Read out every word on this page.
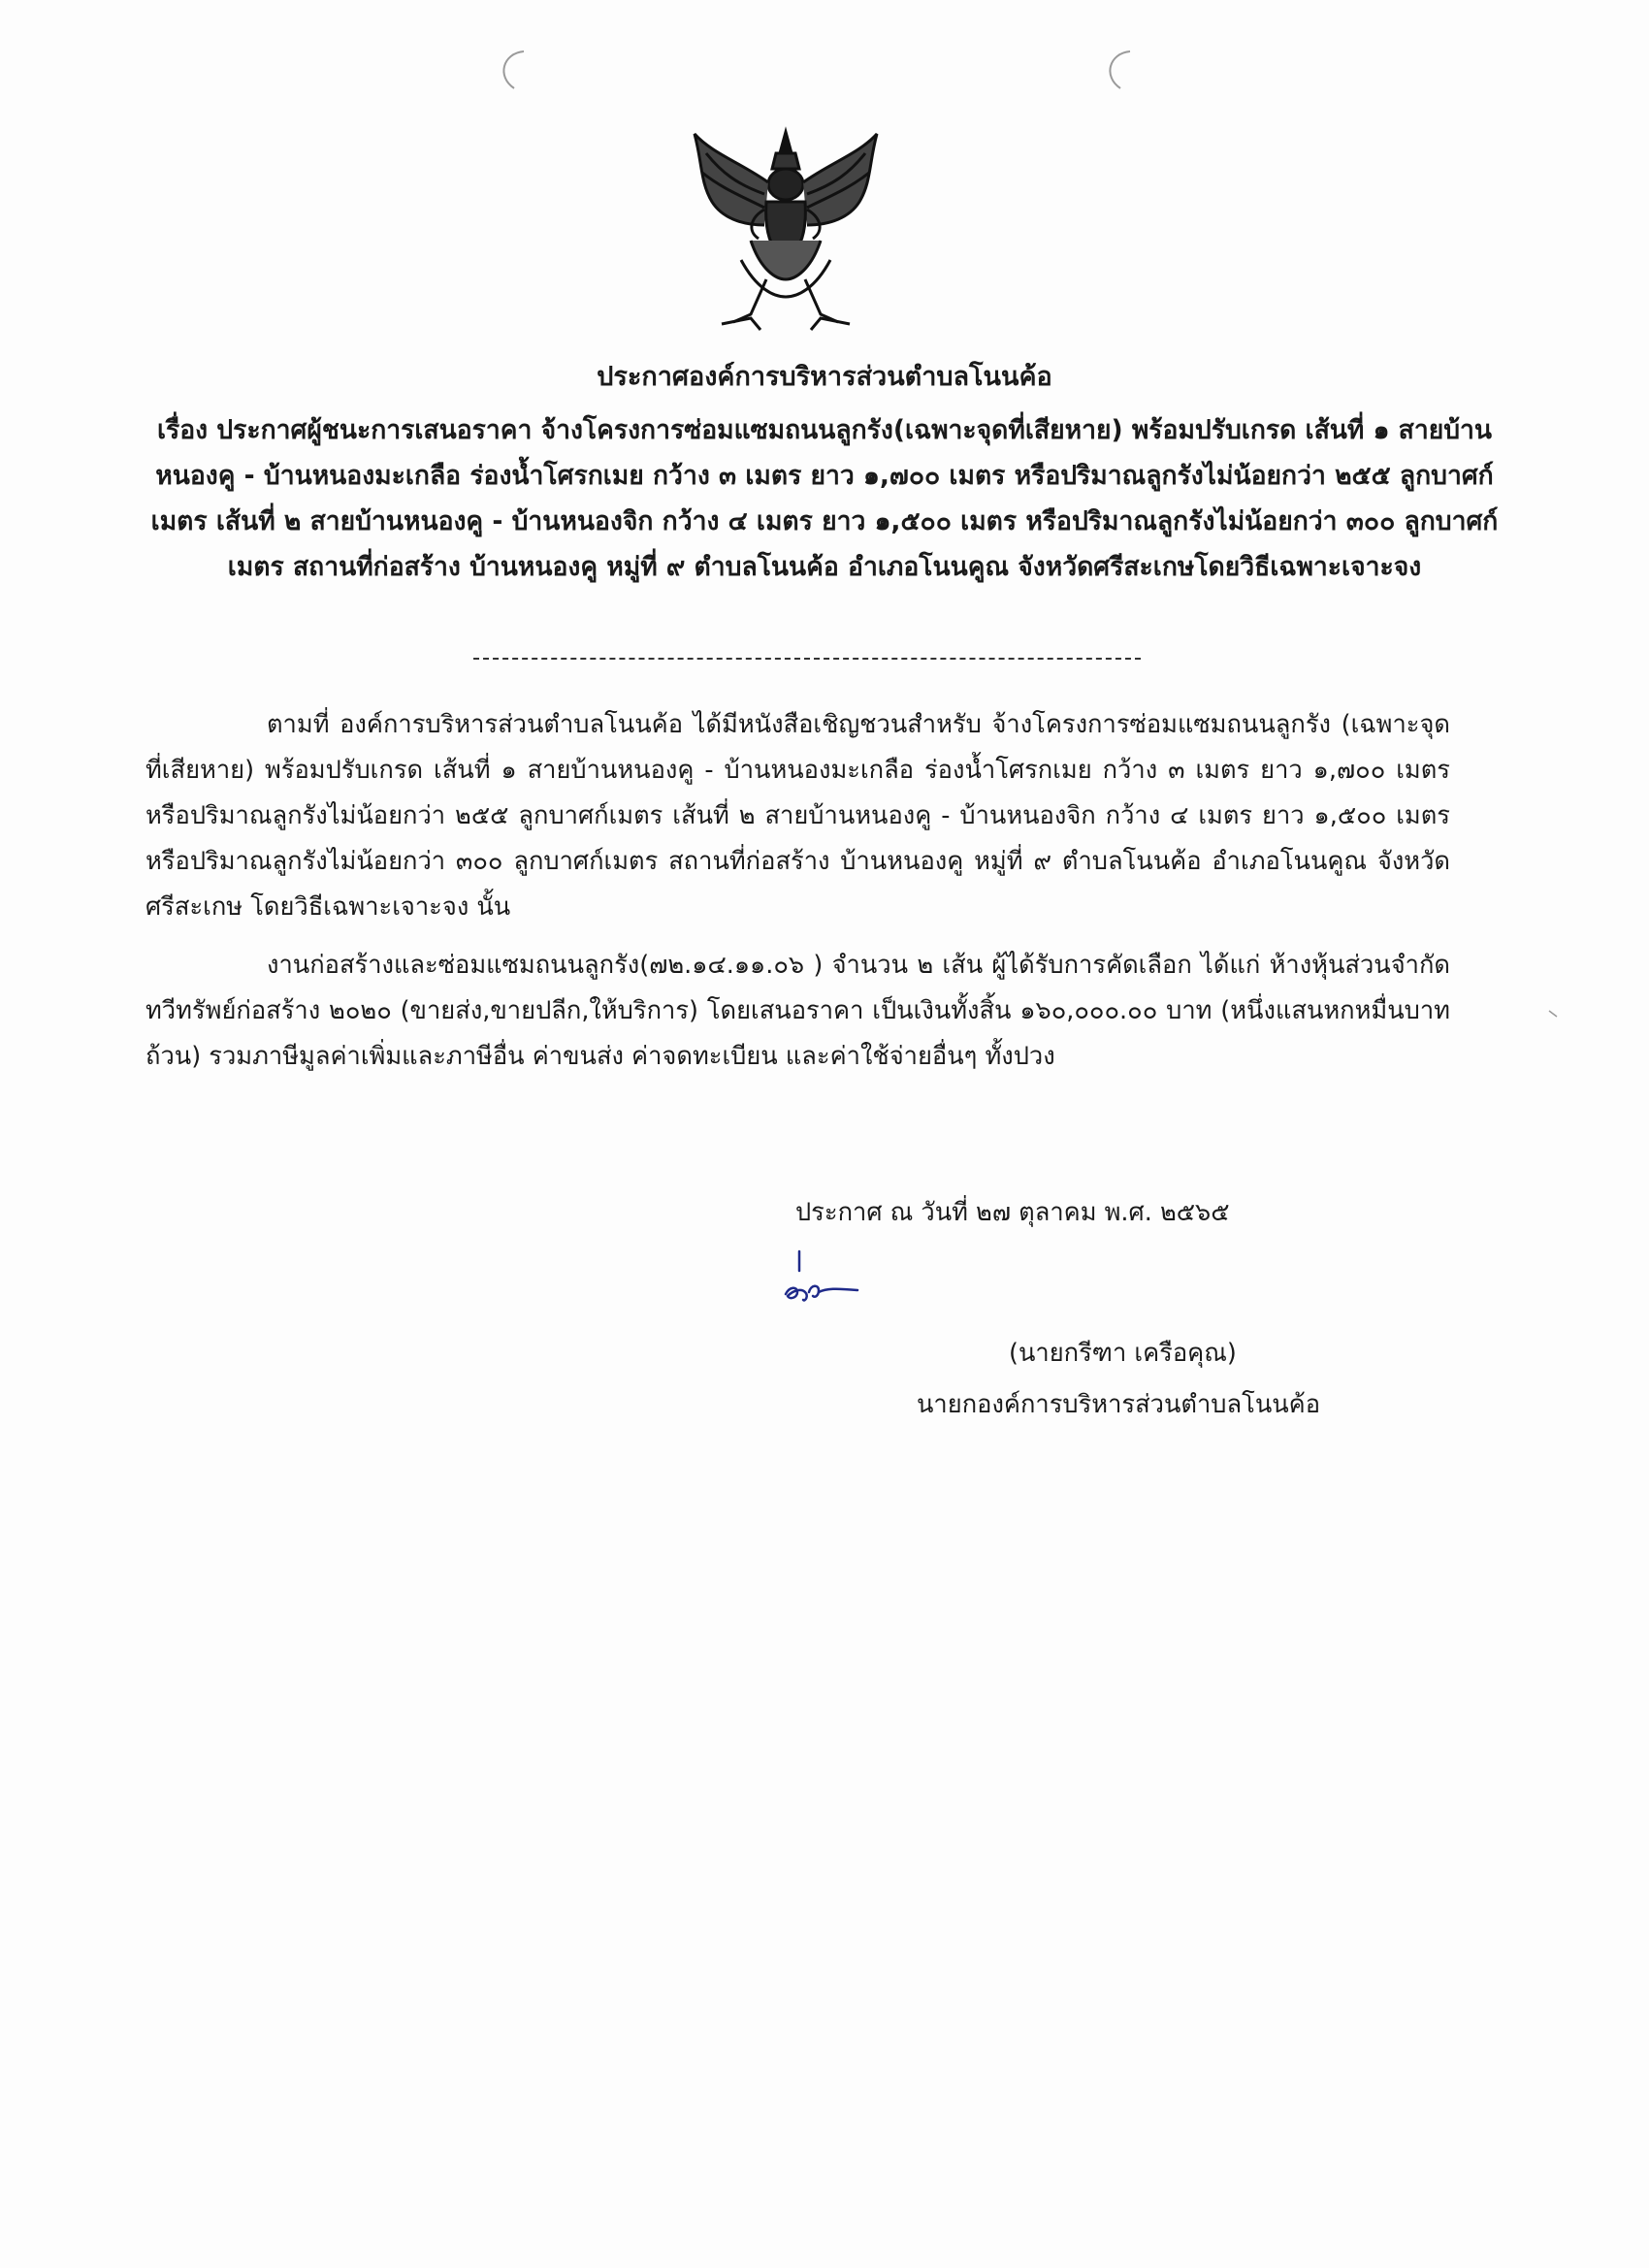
ประกาศองค์การบริหารส่วนตำบลโนนค้อ
เรื่อง ประกาศผู้ชนะการเสนอราคา จ้างโครงการซ่อมแซมถนนลูกรัง(เฉพาะจุดที่เสียหาย) พร้อมปรับเกรด เส้นที่ ๑ สายบ้านหนองคู - บ้านหนองมะเกลือ ร่องน้ำโศรกเมย กว้าง ๓ เมตร ยาว ๑,๗๐๐ เมตร หรือปริมาณลูกรังไม่น้อยกว่า ๒๕๕ ลูกบาศก์เมตร เส้นที่ ๒ สายบ้านหนองคู - บ้านหนองจิก กว้าง ๔ เมตร ยาว ๑,๕๐๐ เมตร หรือปริมาณลูกรังไม่น้อยกว่า ๓๐๐ ลูกบาศก์เมตร สถานที่ก่อสร้าง บ้านหนองคู หมู่ที่ ๙ ตำบลโนนค้อ อำเภอโนนคูณ จังหวัดศรีสะเกษโดยวิธีเฉพาะเจาะจง
ตามที่ องค์การบริหารส่วนตำบลโนนค้อ ได้มีหนังสือเชิญชวนสำหรับ จ้างโครงการซ่อมแซมถนนลูกรัง (เฉพาะจุดที่เสียหาย) พร้อมปรับเกรด เส้นที่ ๑ สายบ้านหนองคู - บ้านหนองมะเกลือ ร่องน้ำโศรกเมย กว้าง ๓ เมตร ยาว ๑,๗๐๐ เมตร หรือปริมาณลูกรังไม่น้อยกว่า ๒๕๕ ลูกบาศก์เมตร เส้นที่ ๒ สายบ้านหนองคู - บ้านหนองจิก กว้าง ๔ เมตร ยาว ๑,๕๐๐ เมตร หรือปริมาณลูกรังไม่น้อยกว่า ๓๐๐ ลูกบาศก์เมตร สถานที่ก่อสร้าง บ้านหนองคู หมู่ที่ ๙ ตำบลโนนค้อ อำเภอโนนคูณ จังหวัดศรีสะเกษ โดยวิธีเฉพาะเจาะจง นั้น
งานก่อสร้างและซ่อมแซมถนนลูกรัง(๗๒.๑๔.๑๑.๐๖ ) จำนวน ๒ เส้น ผู้ได้รับการคัดเลือก ได้แก่ ห้างหุ้นส่วนจำกัด ทวีทรัพย์ก่อสร้าง ๒๐๒๐ (ขายส่ง,ขายปลีก,ให้บริการ) โดยเสนอราคา เป็นเงินทั้งสิ้น ๑๖๐,๐๐๐.๐๐ บาท (หนึ่งแสนหกหมื่นบาทถ้วน) รวมภาษีมูลค่าเพิ่มและภาษีอื่น ค่าขนส่ง ค่าจดทะเบียน และค่าใช้จ่ายอื่นๆ ทั้งปวง
ประกาศ ณ วันที่ ๒๗ ตุลาคม พ.ศ. ๒๕๖๕
(นายกรีฑา เครือคุณ)
นายกองค์การบริหารส่วนตำบลโนนค้อ
